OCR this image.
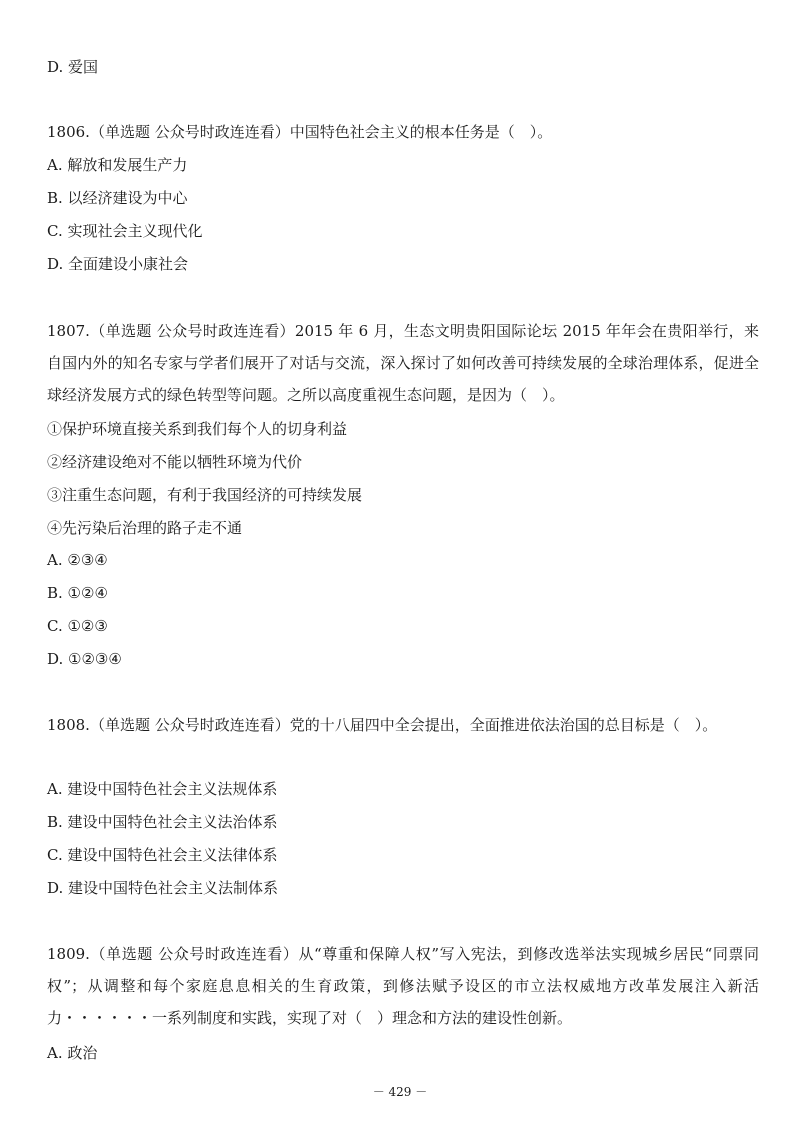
D. 爱国
1806.（单选题 公众号时政连连看）中国特色社会主义的根本任务是（　）。
A. 解放和发展生产力
B. 以经济建设为中心
C. 实现社会主义现代化
D. 全面建设小康社会
1807.（单选题 公众号时政连连看）2015 年 6 月，生态文明贵阳国际论坛 2015 年年会在贵阳举行，来自国内外的知名专家与学者们展开了对话与交流，深入探讨了如何改善可持续发展的全球治理体系，促进全球经济发展方式的绿色转型等问题。之所以高度重视生态问题，是因为（　）。
①保护环境直接关系到我们每个人的切身利益
②经济建设绝对不能以牺牲环境为代价
③注重生态问题，有利于我国经济的可持续发展
④先污染后治理的路子走不通
A. ②③④
B. ①②④
C. ①②③
D. ①②③④
1808.（单选题 公众号时政连连看）党的十八届四中全会提出，全面推进依法治国的总目标是（　）。
A. 建设中国特色社会主义法规体系
B. 建设中国特色社会主义法治体系
C. 建设中国特色社会主义法律体系
D. 建设中国特色社会主义法制体系
1809.（单选题 公众号时政连连看）从“尊重和保障人权”写入宪法，到修改选举法实现城乡居民“同票同权”；从调整和每个家庭息息相关的生育政策，到修法赋予设区的市立法权威地方改革发展注入新活力・・・・・・一系列制度和实践，实现了对（　）理念和方法的建设性创新。
A. 政治
－ 429 －
